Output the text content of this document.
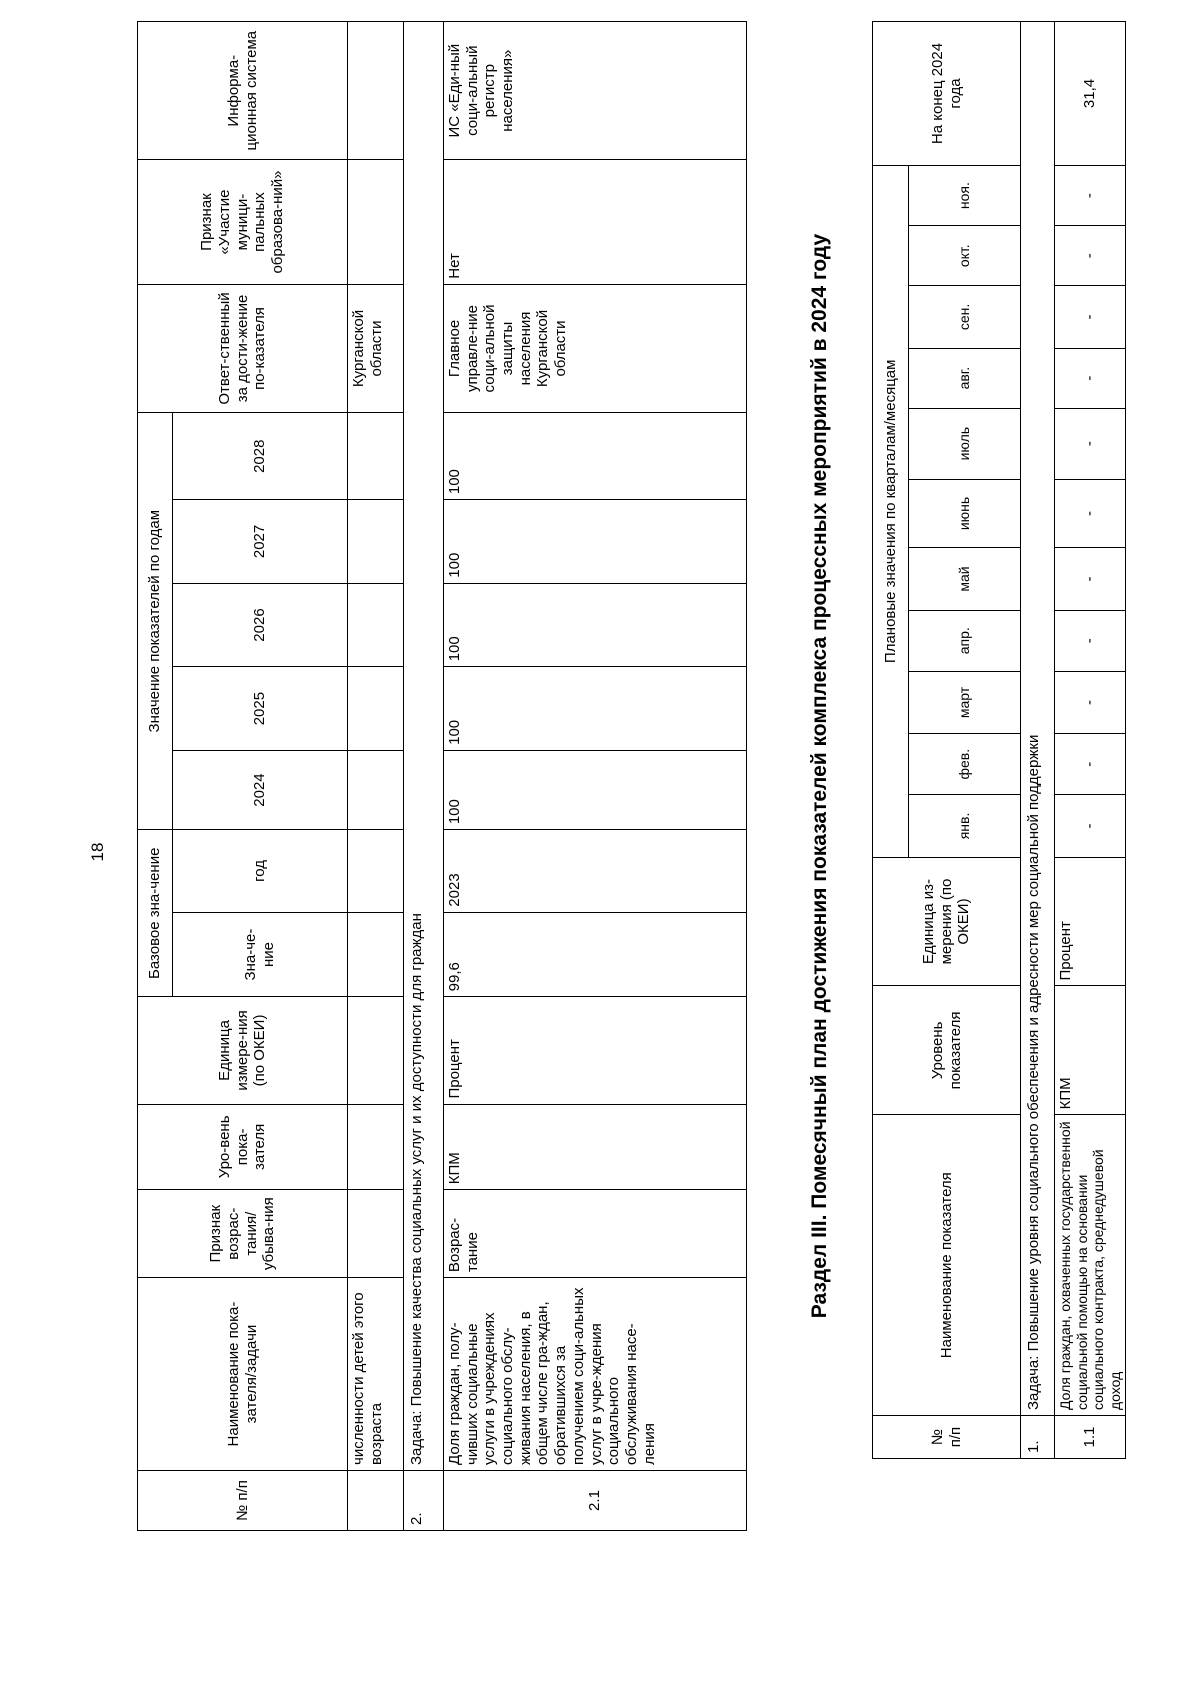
18
№ п/п	Наименование пока-зателя/задачи	Признак возрас-тания/ убыва-ния	Уро-вень пока-зателя	Единица измере-ния (по ОКЕИ)	Базовое зна-чение		Значение показателей по годам					Ответ-ственный за дости-жение по-казателя	Признак «Участие муници-пальных образова-ний»	Информа-ционная система
					Зна-че-ние	год	2024	2025	2026	2027	2028			
	численности детей этого возраста											Курганской области		
2.	Задача: Повышение качества социальных услуг и их доступности для граждан													
2.1	Доля граждан, полу-чивших социальные услуги в учреждениях социального обслу-живания населения, в общем числе гра-ждан, обратившихся за получением соци-альных услуг в учре-ждения социального обслуживания насе-ления	Возрас-тание	КПМ	Процент	99,6	2023	100	100	100	100	100	Главное управле-ние соци-альной защиты населения Курганской области	Нет	ИС «Еди-ный соци-альный регистр населения»
Раздел III. Помесячный план достижения показателей комплекса процессных мероприятий в 2024 году
№ п/п	Наименование показателя	Уровень показателя	Единица из-мерения (по ОКЕИ)	Плановые значения по кварталам/месяцам											На конец 2024 года
				янв.	фев.	март	апр.	май	июнь	июль	авг.	сен.	окт.	ноя.	
1.	Задача: Повышение уровня социального обеспечения и адресности мер социальной поддержки														
1.1	Доля граждан, охваченных государственной социальной помощью на основании социального контракта, среднедушевой доход	КПМ	Процент	-	-	-	-	-	-	-	-	-	-	-	31,4
